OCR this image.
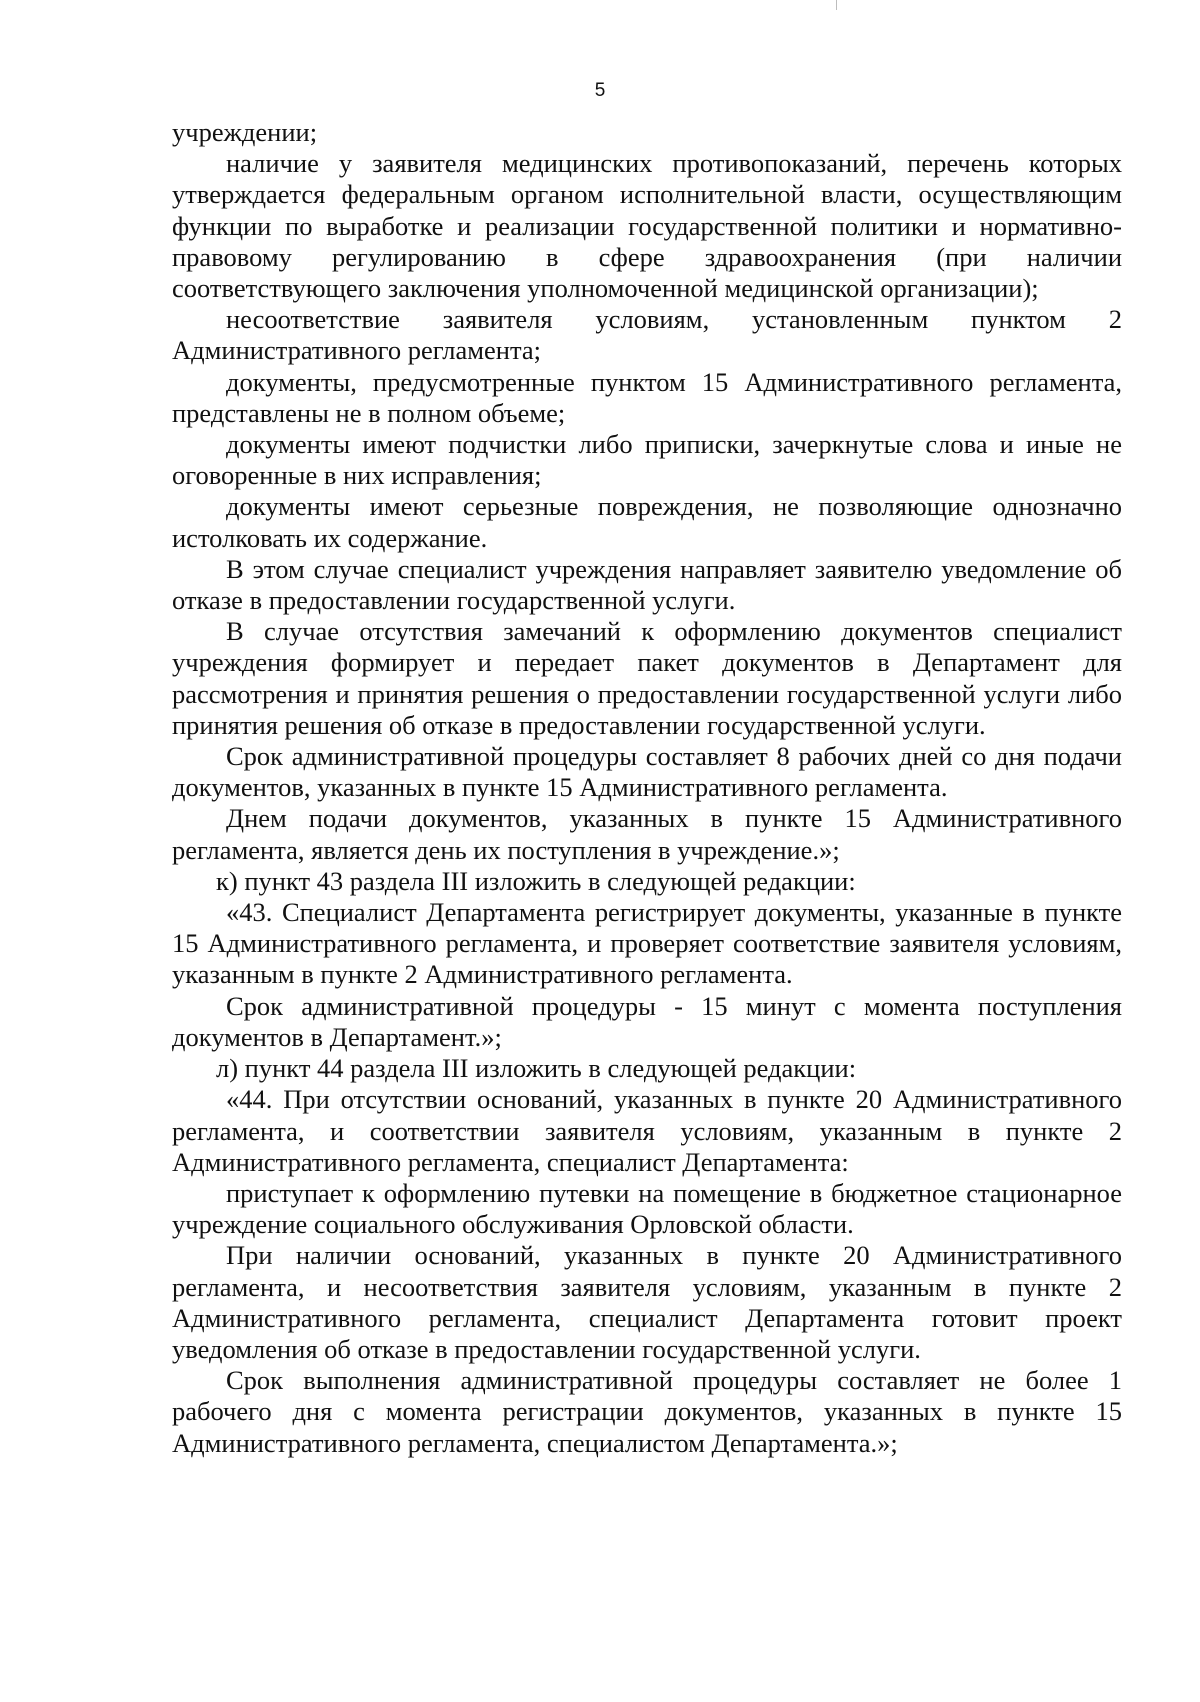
5

учреждении;

наличие у заявителя медицинских противопоказаний, перечень которых утверждается федеральным органом исполнительной власти, осуществляющим функции по выработке и реализации государственной политики и нормативно-правовому регулированию в сфере здравоохранения (при наличии соответствующего заключения уполномоченной медицинской организации);

несоответствие заявителя условиям, установленным пунктом 2 Административного регламента;

документы, предусмотренные пунктом 15 Административного регламента, представлены не в полном объеме;

документы имеют подчистки либо приписки, зачеркнутые слова и иные не оговоренные в них исправления;

документы имеют серьезные повреждения, не позволяющие однозначно истолковать их содержание.

В этом случае специалист учреждения направляет заявителю уведомление об отказе в предоставлении государственной услуги.

В случае отсутствия замечаний к оформлению документов специалист учреждения формирует и передает пакет документов в Департамент для рассмотрения и принятия решения о предоставлении государственной услуги либо принятия решения об отказе в предоставлении государственной услуги.

Срок административной процедуры составляет 8 рабочих дней со дня подачи документов, указанных в пункте 15 Административного регламента.

Днем подачи документов, указанных в пункте 15 Административного регламента, является день их поступления в учреждение.»;

к) пункт 43 раздела III изложить в следующей редакции:

«43. Специалист Департамента регистрирует документы, указанные в пункте 15 Административного регламента, и проверяет соответствие заявителя условиям, указанным в пункте 2 Административного регламента.

Срок административной процедуры - 15 минут с момента поступления документов в Департамент.»;

л) пункт 44 раздела III изложить в следующей редакции:

«44. При отсутствии оснований, указанных в пункте 20 Административного регламента, и соответствии заявителя условиям, указанным в пункте 2 Административного регламента, специалист Департамента:

приступает к оформлению путевки на помещение в бюджетное стационарное учреждение социального обслуживания Орловской области.

При наличии оснований, указанных в пункте 20 Административного регламента, и несоответствия заявителя условиям, указанным в пункте 2 Административного регламента, специалист Департамента готовит проект уведомления об отказе в предоставлении государственной услуги.

Срок выполнения административной процедуры составляет не более 1 рабочего дня с момента регистрации документов, указанных в пункте 15 Административного регламента, специалистом Департамента.»;
